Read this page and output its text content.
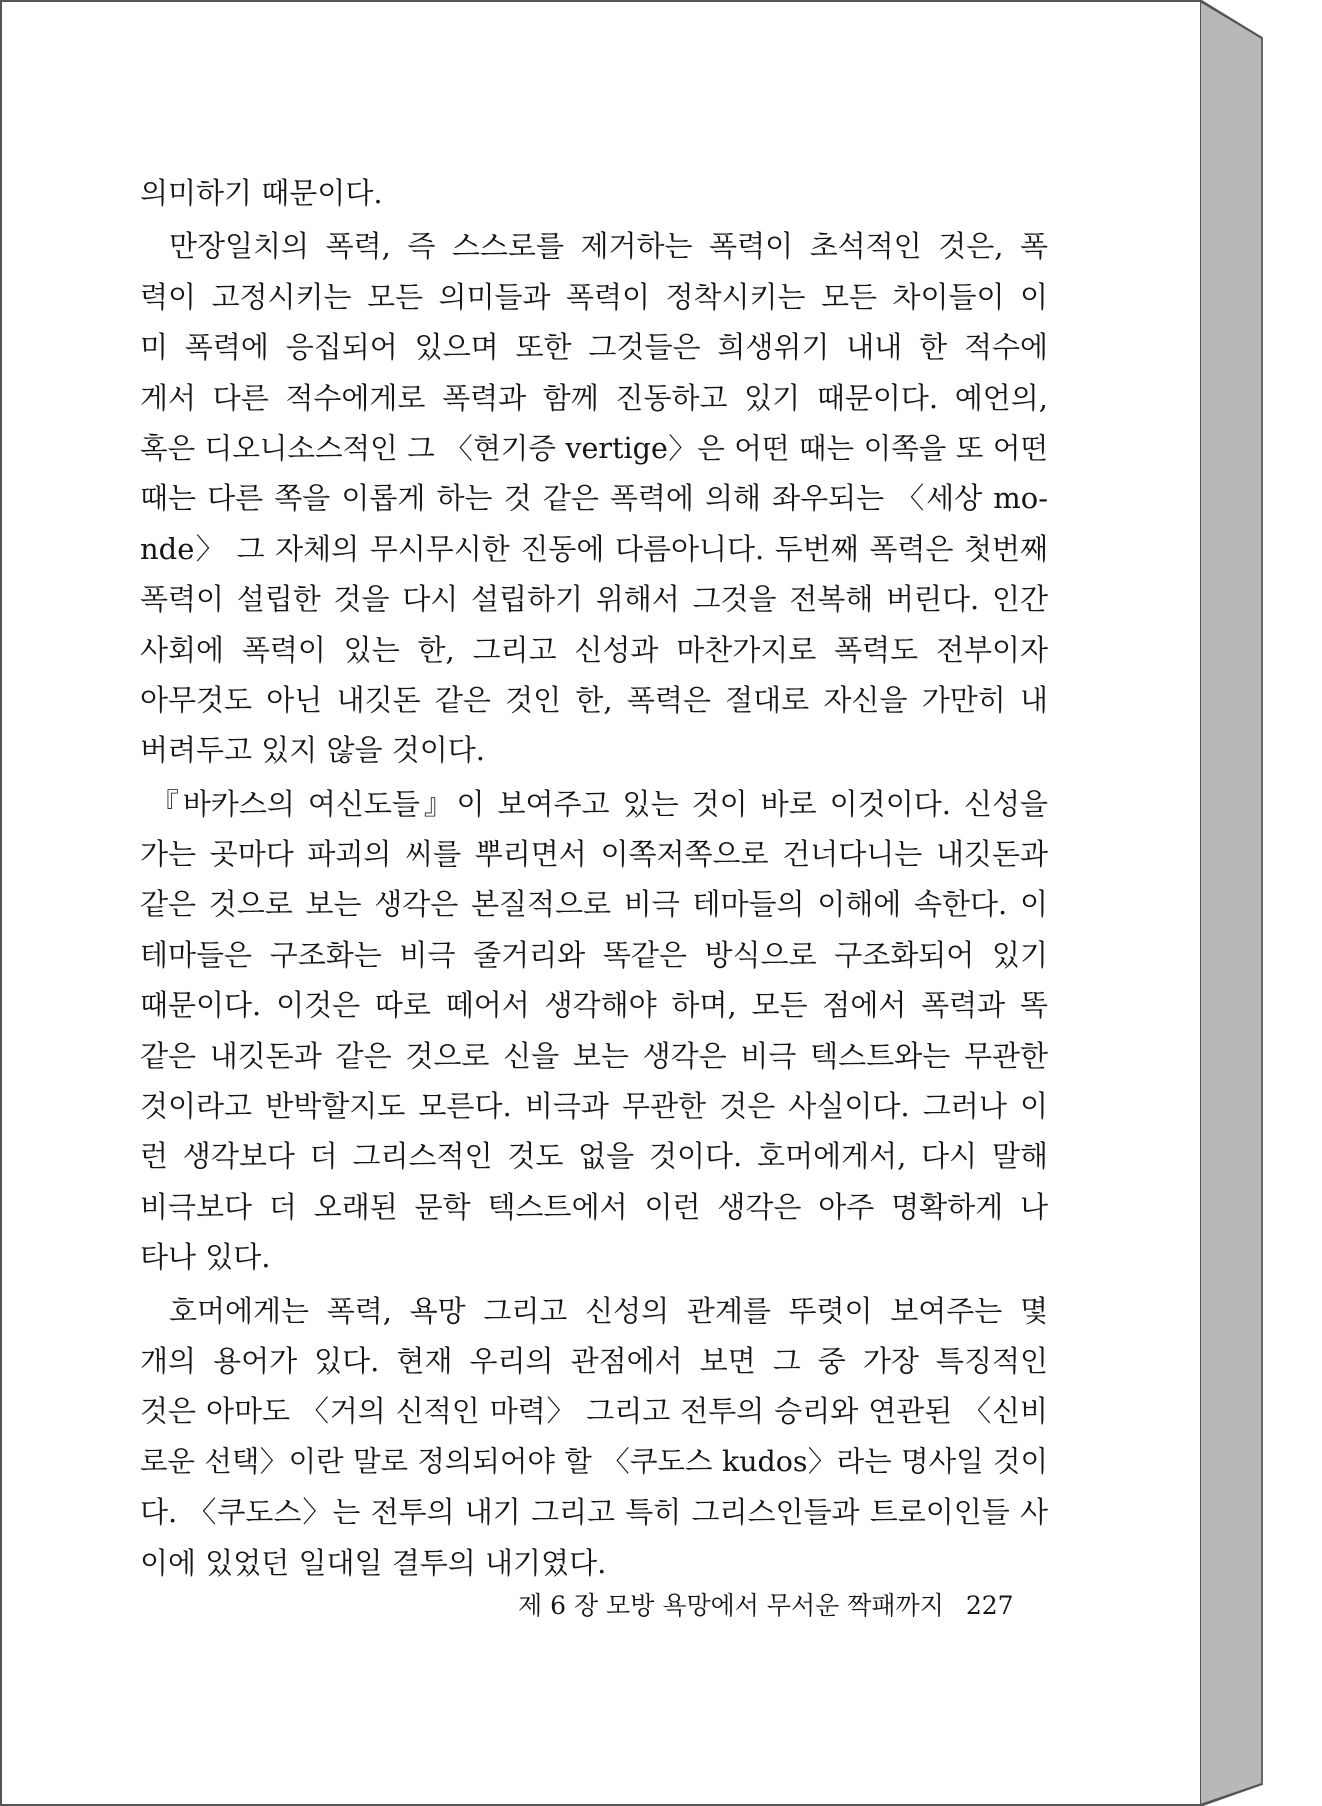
의미하기 때문이다.
만장일치의 폭력, 즉 스스로를 제거하는 폭력이 초석적인 것은, 폭
력이 고정시키는 모든 의미들과 폭력이 정착시키는 모든 차이들이 이
미 폭력에 응집되어 있으며 또한 그것들은 희생위기 내내 한 적수에
게서 다른 적수에게로 폭력과 함께 진동하고 있기 때문이다. 예언의,
혹은 디오니소스적인 그 〈현기증 vertige〉은 어떤 때는 이쪽을 또 어떤
때는 다른 쪽을 이롭게 하는 것 같은 폭력에 의해 좌우되는 〈세상 mo-
nde〉 그 자체의 무시무시한 진동에 다름아니다. 두번째 폭력은 첫번째
폭력이 설립한 것을 다시 설립하기 위해서 그것을 전복해 버린다. 인간
사회에 폭력이 있는 한, 그리고 신성과 마찬가지로 폭력도 전부이자
아무것도 아닌 내깃돈 같은 것인 한, 폭력은 절대로 자신을 가만히 내
버려두고 있지 않을 것이다.
『바카스의 여신도들』이 보여주고 있는 것이 바로 이것이다. 신성을
가는 곳마다 파괴의 씨를 뿌리면서 이쪽저쪽으로 건너다니는 내깃돈과
같은 것으로 보는 생각은 본질적으로 비극 테마들의 이해에 속한다. 이
테마들은 구조화는 비극 줄거리와 똑같은 방식으로 구조화되어 있기
때문이다. 이것은 따로 떼어서 생각해야 하며, 모든 점에서 폭력과 똑
같은 내깃돈과 같은 것으로 신을 보는 생각은 비극 텍스트와는 무관한
것이라고 반박할지도 모른다. 비극과 무관한 것은 사실이다. 그러나 이
런 생각보다 더 그리스적인 것도 없을 것이다. 호머에게서, 다시 말해
비극보다 더 오래된 문학 텍스트에서 이런 생각은 아주 명확하게 나
타나 있다.
호머에게는 폭력, 욕망 그리고 신성의 관계를 뚜렷이 보여주는 몇
개의 용어가 있다. 현재 우리의 관점에서 보면 그 중 가장 특징적인
것은 아마도 〈거의 신적인 마력〉 그리고 전투의 승리와 연관된 〈신비
로운 선택〉이란 말로 정의되어야 할 〈쿠도스 kudos〉라는 명사일 것이
다. 〈쿠도스〉는 전투의 내기 그리고 특히 그리스인들과 트로이인들 사
이에 있었던 일대일 결투의 내기였다.
제 6 장 모방 욕망에서 무서운 짝패까지 227
